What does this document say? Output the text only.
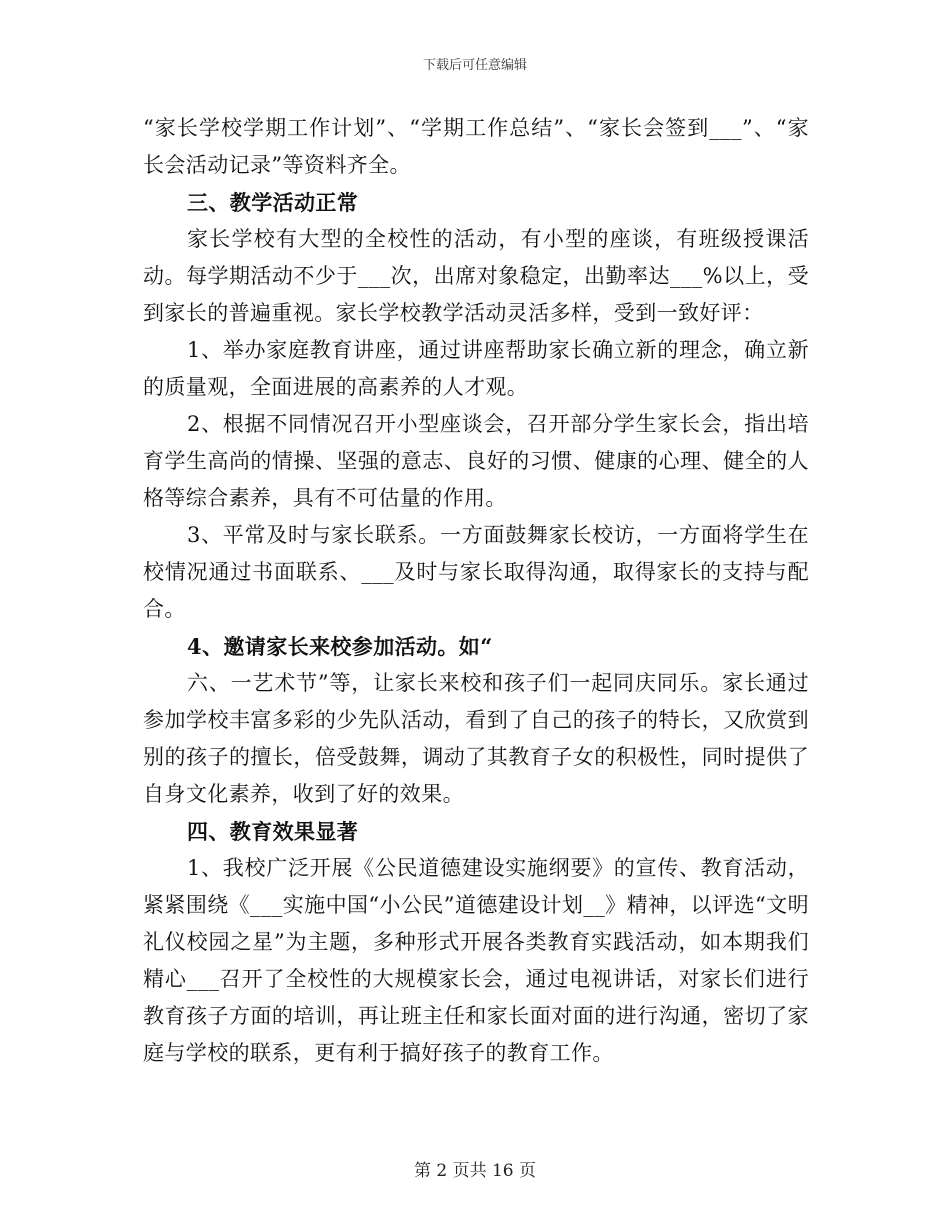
下载后可任意编辑

“家长学校学期工作计划”、“学期工作总结”、“家长会签到___”、“家长会活动记录”等资料齐全。

三、教学活动正常

家长学校有大型的全校性的活动，有小型的座谈，有班级授课活动。每学期活动不少于___次，出席对象稳定，出勤率达___%以上，受到家长的普遍重视。家长学校教学活动灵活多样，受到一致好评：

1、举办家庭教育讲座，通过讲座帮助家长确立新的理念，确立新的质量观，全面进展的高素养的人才观。

2、根据不同情况召开小型座谈会，召开部分学生家长会，指出培育学生高尚的情操、坚强的意志、良好的习惯、健康的心理、健全的人格等综合素养，具有不可估量的作用。

3、平常及时与家长联系。一方面鼓舞家长校访，一方面将学生在校情况通过书面联系、___及时与家长取得沟通，取得家长的支持与配合。

4、邀请家长来校参加活动。如“

六、一艺术节”等，让家长来校和孩子们一起同庆同乐。家长通过参加学校丰富多彩的少先队活动，看到了自己的孩子的特长，又欣赏到别的孩子的擅长，倍受鼓舞，调动了其教育子女的积极性，同时提供了自身文化素养，收到了好的效果。

四、教育效果显著

1、我校广泛开展《公民道德建设实施纲要》的宣传、教育活动，紧紧围绕《___实施中国“小公民”道德建设计划__》精神，以评选“文明礼仪校园之星”为主题，多种形式开展各类教育实践活动，如本期我们精心___召开了全校性的大规模家长会，通过电视讲话，对家长们进行教育孩子方面的培训，再让班主任和家长面对面的进行沟通，密切了家庭与学校的联系，更有利于搞好孩子的教育工作。

第 2 页共 16 页
